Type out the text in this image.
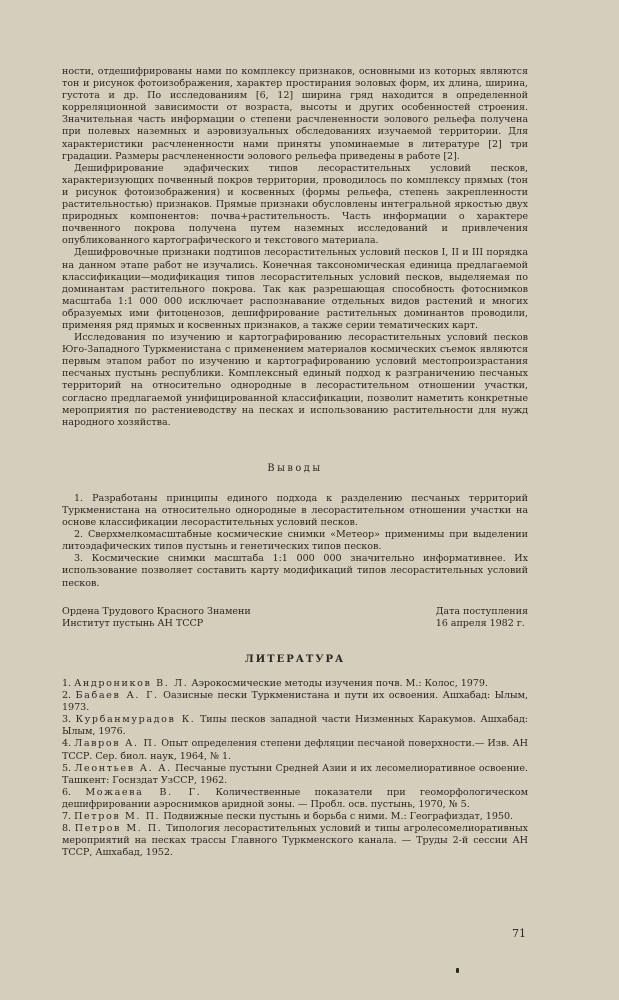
ности, отдешифрированы нами по комплексу признаков, основными из которых являются тон и рисунок фотоизображения, характер простирания эоловых форм, их длина, ширина, густота и др. По исследованиям [6, 12] ширина гряд находится в определенной корреляционной зависимости от возраста, высоты и других особенностей строения. Значительная часть информации о степени расчлененности эолового рельефа получена при полевых наземных и аэровизуальных обследованиях изучаемой территории. Для характеристики расчлененности нами приняты упоминаемые в литературе [2] три градации. Размеры расчлененности эолового рельефа приведены в работе [2].

Дешифрирование эдафических типов лесорастительных условий песков, характеризующих почвенный покров территории, проводилось по комплексу прямых (тон и рисунок фотоизображения) и косвенных (формы рельефа, степень закрепленности растительностью) признаков. Прямые признаки обусловлены интегральной яркостью двух природных компонентов: почва+растительность. Часть информации о характере почвенного покрова получена путем наземных исследований и привлечения опубликованного картографического и текстового материала.

Дешифровочные признаки подтипов лесорастительных условий песков I, II и III порядка на данном этапе работ не изучались. Конечная таксономическая единица предлагаемой классификации—модификация типов лесорастительных условий песков, выделяемая по доминантам растительного покрова. Так как разрешающая способность фотоснимков масштаба 1:1 000 000 исключает распознавание отдельных видов растений и многих образуемых ими фитоценозов, дешифрирование растительных доминантов проводили, применяя ряд прямых и косвенных признаков, а также серии тематических карт.

Исследования по изучению и картографированию лесорастительных условий песков Юго-Западного Туркменистана с применением материалов космических съемок являются первым этапом работ по изучению и картографированию условий местопроизрастания песчаных пустынь республики. Комплексный единый подход к разграничению песчаных территорий на относительно однородные в лесорастительном отношении участки, согласно предлагаемой унифицированной классификации, позволит наметить конкретные мероприятия по растениеводству на песках и использованию растительности для нужд народного хозяйства.

Выводы

1. Разработаны принципы единого подхода к разделению песчаных территорий Туркменистана на относительно однородные в лесорастительном отношении участки на основе классификации лесорастительных условий песков.

2. Сверхмелкомасштабные космические снимки «Метеор» применимы при выделении литоэдафических типов пустынь и генетических типов песков.

3. Космические снимки масштаба 1:1 000 000 значительно информативнее. Их использование позволяет составить карту модификаций типов лесорастительных условий песков.

Ордена Трудового Красного Знамени
Институт пустынь АН ТССР
Дата поступления
16 апреля 1982 г.
ЛИТЕРАТУРА

1. Андроников В. Л. Аэрокосмические методы изучения почв. М.: Колос, 1979.

2. Бабаев А. Г. Оазисные пески Туркменистана и пути их освоения. Ашхабад: Ылым, 1973.

3. Курбанмурадов К. Типы песков западной части Низменных Каракумов. Ашхабад: Ылым, 1976.

4. Лавров А. П. Опыт определения степени дефляции песчаной поверхности.— Изв. АН ТССР. Сер. биол. наук, 1964, № 1.

5. Леонтьев А. А. Песчаные пустыни Средней Азии и их лесомелиоративное освоение. Ташкент: Госнздат УзССР, 1962.

6. Можаева В. Г. Количественные показатели при геоморфологическом дешифрировании аэроснимков аридной зоны. — Пробл. осв. пустынь, 1970, № 5.

7. Петров М. П. Подвижные пески пустынь и борьба с ними. М.: Географиздат, 1950.

8. Петров М. П. Типология лесорастительных условий и типы агролесомелиоративных мероприятий на песках трассы Главного Туркменского канала. — Труды 2-й сессии АН ТССР, Ашхабад, 1952.

71
